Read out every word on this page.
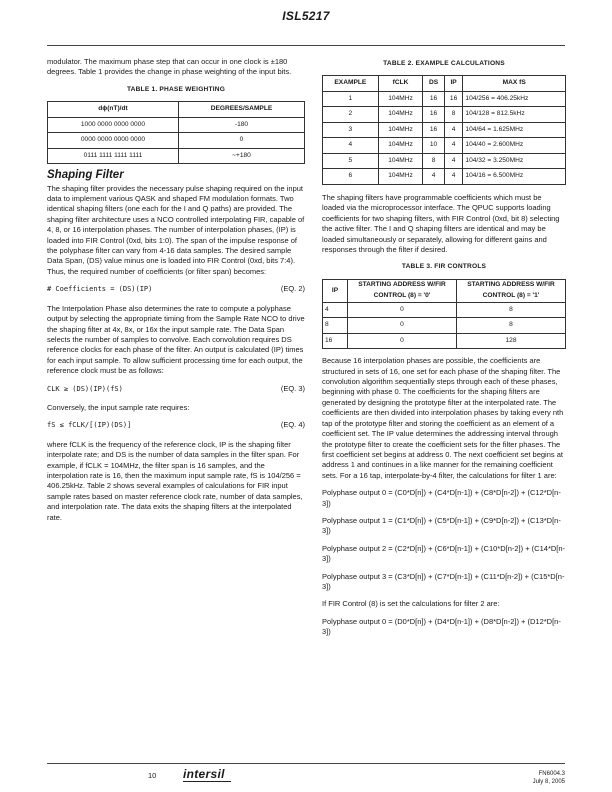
ISL5217

modulator. The maximum phase step that can occur in one clock is ±180 degrees. Table 1 provides the change in phase weighting of the input bits.

TABLE 1. PHASE WEIGHTING
dϕ(nT)/dt	DEGREES/SAMPLE
1000 0000 0000 0000	-180
0000 0000 0000 0000	0
0111 1111 1111 1111	~+180
Shaping Filter

The shaping filter provides the necessary pulse shaping required on the input data to implement various QASK and shaped FM modulation formats. Two identical shaping filters (one each for the I and Q paths) are provided. The shaping filter architecture uses a NCO controlled interpolating FIR, capable of 4, 8, or 16 interpolation phases. The number of interpolation phases, (IP) is loaded into FIR Control (0xd, bits 1:0). The span of the impulse response of the polyphase filter can vary from 4-16 data samples. The desired sample Data Span, (DS) value minus one is loaded into FIR Control (0xd, bits 7:4). Thus, the required number of coefficients (or filter span) becomes:

# Coefficients = (DS)(IP)	(EQ. 2)

The Interpolation Phase also determines the rate to compute a polyphase output by selecting the appropriate timing from the Sample Rate NCO to drive the shaping filter at 4x, 8x, or 16x the input sample rate. The Data Span selects the number of samples to convolve. Each convolution requires DS reference clocks for each phase of the filter. An output is calculated (IP) times for each input sample. To allow sufficient processing time for each output, the reference clock must be as follows:

CLK ≥ (DS)(IP)(fS)	(EQ. 3)

Conversely, the input sample rate requires:

fS ≤ fCLK/[(IP)(DS)]	(EQ. 4)

where fCLK is the frequency of the reference clock, IP is the shaping filter interpolate rate; and DS is the number of data samples in the filter span. For example, if fCLK = 104MHz, the filter span is 16 samples, and the interpolation rate is 16, then the maximum input sample rate, fS is 104/256 = 406.25kHz. Table 2 shows several examples of calculations for FIR input sample rates based on master reference clock rate, number of data samples, and interpolation rate. The data exits the shaping filters at the interpolated rate.

TABLE 2. EXAMPLE CALCULATIONS
EXAMPLE	fCLK	DS	IP	MAX fS
1	104MHz	16	16	104/256 = 406.25kHz
2	104MHz	16	8	104/128 = 812.5kHz
3	104MHz	16	4	104/64 = 1.625MHz
4	104MHz	10	4	104/40 = 2.600MHz
5	104MHz	8	4	104/32 = 3.250MHz
6	104MHz	4	4	104/16 = 6.500MHz

The shaping filters have programmable coefficients which must be loaded via the microprocessor interface. The QPUC supports loading coefficients for two shaping filters, with FIR Control (0xd, bit 8) selecting the active filter. The I and Q shaping filters are identical and may be loaded simultaneously or separately, allowing for different gains and responses through the filter if desired.

TABLE 3. FIR CONTROLS
IP	STARTING ADDRESS W/FIR CONTROL (8) = '0'	STARTING ADDRESS W/FIR CONTROL (8) = '1'
4	0	8
8	0	8
16	0	128

Because 16 interpolation phases are possible, the coefficients are structured in sets of 16, one set for each phase of the shaping filter. The convolution algorithm sequentially steps through each of these phases, beginning with phase 0. The coefficients for the shaping filters are generated by designing the prototype filter at the interpolated rate. The coefficients are then divided into interpolation phases by taking every nth tap of the prototype filter and storing the coefficient as an element of a coefficient set. The IP value determines the addressing interval through the prototype filter to create the coefficient sets for the filter phases. The first coefficient set begins at address 0. The next coefficient set begins at address 1 and continues in a like manner for the remaining coefficient sets. For a 16 tap, interpolate-by-4 filter, the calculations for filter 1 are:

Polyphase output 0 = (C0*D[n]) + (C4*D[n-1]) + (C8*D[n-2]) + (C12*D[n-3])

Polyphase output 1 = (C1*D[n]) + (C5*D[n-1]) + (C9*D[n-2]) + (C13*D[n-3])

Polyphase output 2 = (C2*D[n]) + (C6*D[n-1]) + (C10*D[n-2]) + (C14*D[n-3])

Polyphase output 3 = (C3*D[n]) + (C7*D[n-1]) + (C11*D[n-2]) + (C15*D[n-3])

If FIR Control (8) is set the calculations for filter 2 are:

Polyphase output 0 = (D0*D[n]) + (D4*D[n-1]) + (D8*D[n-2]) + (D12*D[n-3])

10 intersil	FN6004.3
July 8, 2005
